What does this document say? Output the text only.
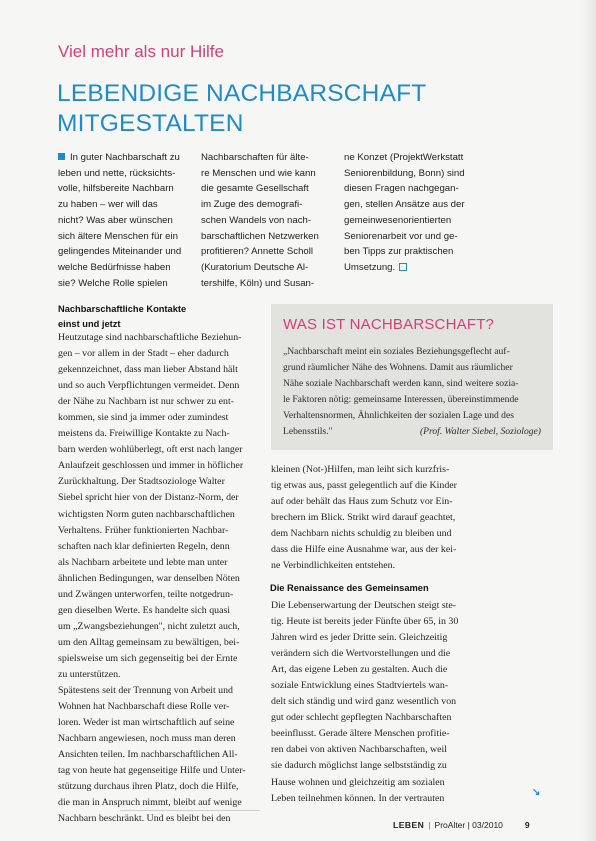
Viel mehr als nur Hilfe
LEBENDIGE NACHBARSCHAFT
MITGESTALTEN
In guter Nachbarschaft zu
leben und nette, rücksichts-
volle, hilfsbereite Nachbarn
zu haben – wer will das
nicht? Was aber wünschen
sich ältere Menschen für ein
gelingendes Miteinander und
welche Bedürfnisse haben
sie? Welche Rolle spielen
Nachbarschaften für älte-
re Menschen und wie kann
die gesamte Gesellschaft
im Zuge des demografi-
schen Wandels von nach-
barschaftlichen Netzwerken
profitieren? Annette Scholl
(Kuratorium Deutsche Al-
tershilfe, Köln) und Susan-
ne Konzet (ProjektWerkstatt
Seniorenbildung, Bonn) sind
diesen Fragen nachgegan-
gen, stellen Ansätze aus der
gemeinwesenorientierten
Seniorenarbeit vor und ge-
ben Tipps zur praktischen
Umsetzung.
Nachbarschaftliche Kontakte
einst und jetzt
Heutzutage sind nachbarschaftliche Beziehun-
gen – vor allem in der Stadt – eher dadurch
gekennzeichnet, dass man lieber Abstand hält
und so auch Verpflichtungen vermeidet. Denn
der Nähe zu Nachbarn ist nur schwer zu ent-
kommen, sie sind ja immer oder zumindest
meistens da. Freiwillige Kontakte zu Nach-
barn werden wohlüberlegt, oft erst nach langer
Anlaufzeit geschlossen und immer in höflicher
Zurückhaltung. Der Stadtsoziologe Walter
Siebel spricht hier von der Distanz-Norm, der
wichtigsten Norm guten nachbarschaftlichen
Verhaltens. Früher funktionierten Nachbar-
schaften nach klar definierten Regeln, denn
als Nachbarn arbeitete und lebte man unter
ähnlichen Bedingungen, war denselben Nöten
und Zwängen unterworfen, teilte notgedrun-
gen dieselben Werte. Es handelte sich quasi
um „Zwangsbeziehungen", nicht zuletzt auch,
um den Alltag gemeinsam zu bewältigen, bei-
spielsweise um sich gegenseitig bei der Ernte
zu unterstützen.
Spätestens seit der Trennung von Arbeit und
Wohnen hat Nachbarschaft diese Rolle ver-
loren. Weder ist man wirtschaftlich auf seine
Nachbarn angewiesen, noch muss man deren
Ansichten teilen. Im nachbarschaftlichen All-
tag von heute hat gegenseitige Hilfe und Unter-
stützung durchaus ihren Platz, doch die Hilfe,
die man in Anspruch nimmt, bleibt auf wenige
Nachbarn beschränkt. Und es bleibt bei den
WAS IST NACHBARSCHAFT?
„Nachbarschaft meint ein soziales Beziehungsgeflecht auf-
grund räumlicher Nähe des Wohnens. Damit aus räumlicher
Nähe soziale Nachbarschaft werden kann, sind weitere sozia-
le Faktoren nötig: gemeinsame Interessen, übereinstimmende
Verhaltensnormen, Ähnlichkeiten der sozialen Lage und des
Lebensstils."	(Prof. Walter Siebel, Soziologe)
kleinen (Not-)Hilfen, man leiht sich kurzfris-
tig etwas aus, passt gelegentlich auf die Kinder
auf oder behält das Haus zum Schutz vor Ein-
brechern im Blick. Strikt wird darauf geachtet,
dem Nachbarn nichts schuldig zu bleiben und
dass die Hilfe eine Ausnahme war, aus der kei-
ne Verbindlichkeiten entstehen.
Die Renaissance des Gemeinsamen
Die Lebenserwartung der Deutschen steigt ste-
tig. Heute ist bereits jeder Fünfte über 65, in 30
Jahren wird es jeder Dritte sein. Gleichzeitig
verändern sich die Wertvorstellungen und die
Art, das eigene Leben zu gestalten. Auch die
soziale Entwicklung eines Stadtviertels wan-
delt sich ständig und wird ganz wesentlich von
gut oder schlecht gepflegten Nachbarschaften
beeinflusst. Gerade ältere Menschen profitie-
ren dabei von aktiven Nachbarschaften, weil
sie dadurch möglichst lange selbstständig zu
Hause wohnen und gleichzeitig am sozialen
Leben teilnehmen können. In der vertrauten
↘
LEBEN | ProAlter | 03/2010	9
